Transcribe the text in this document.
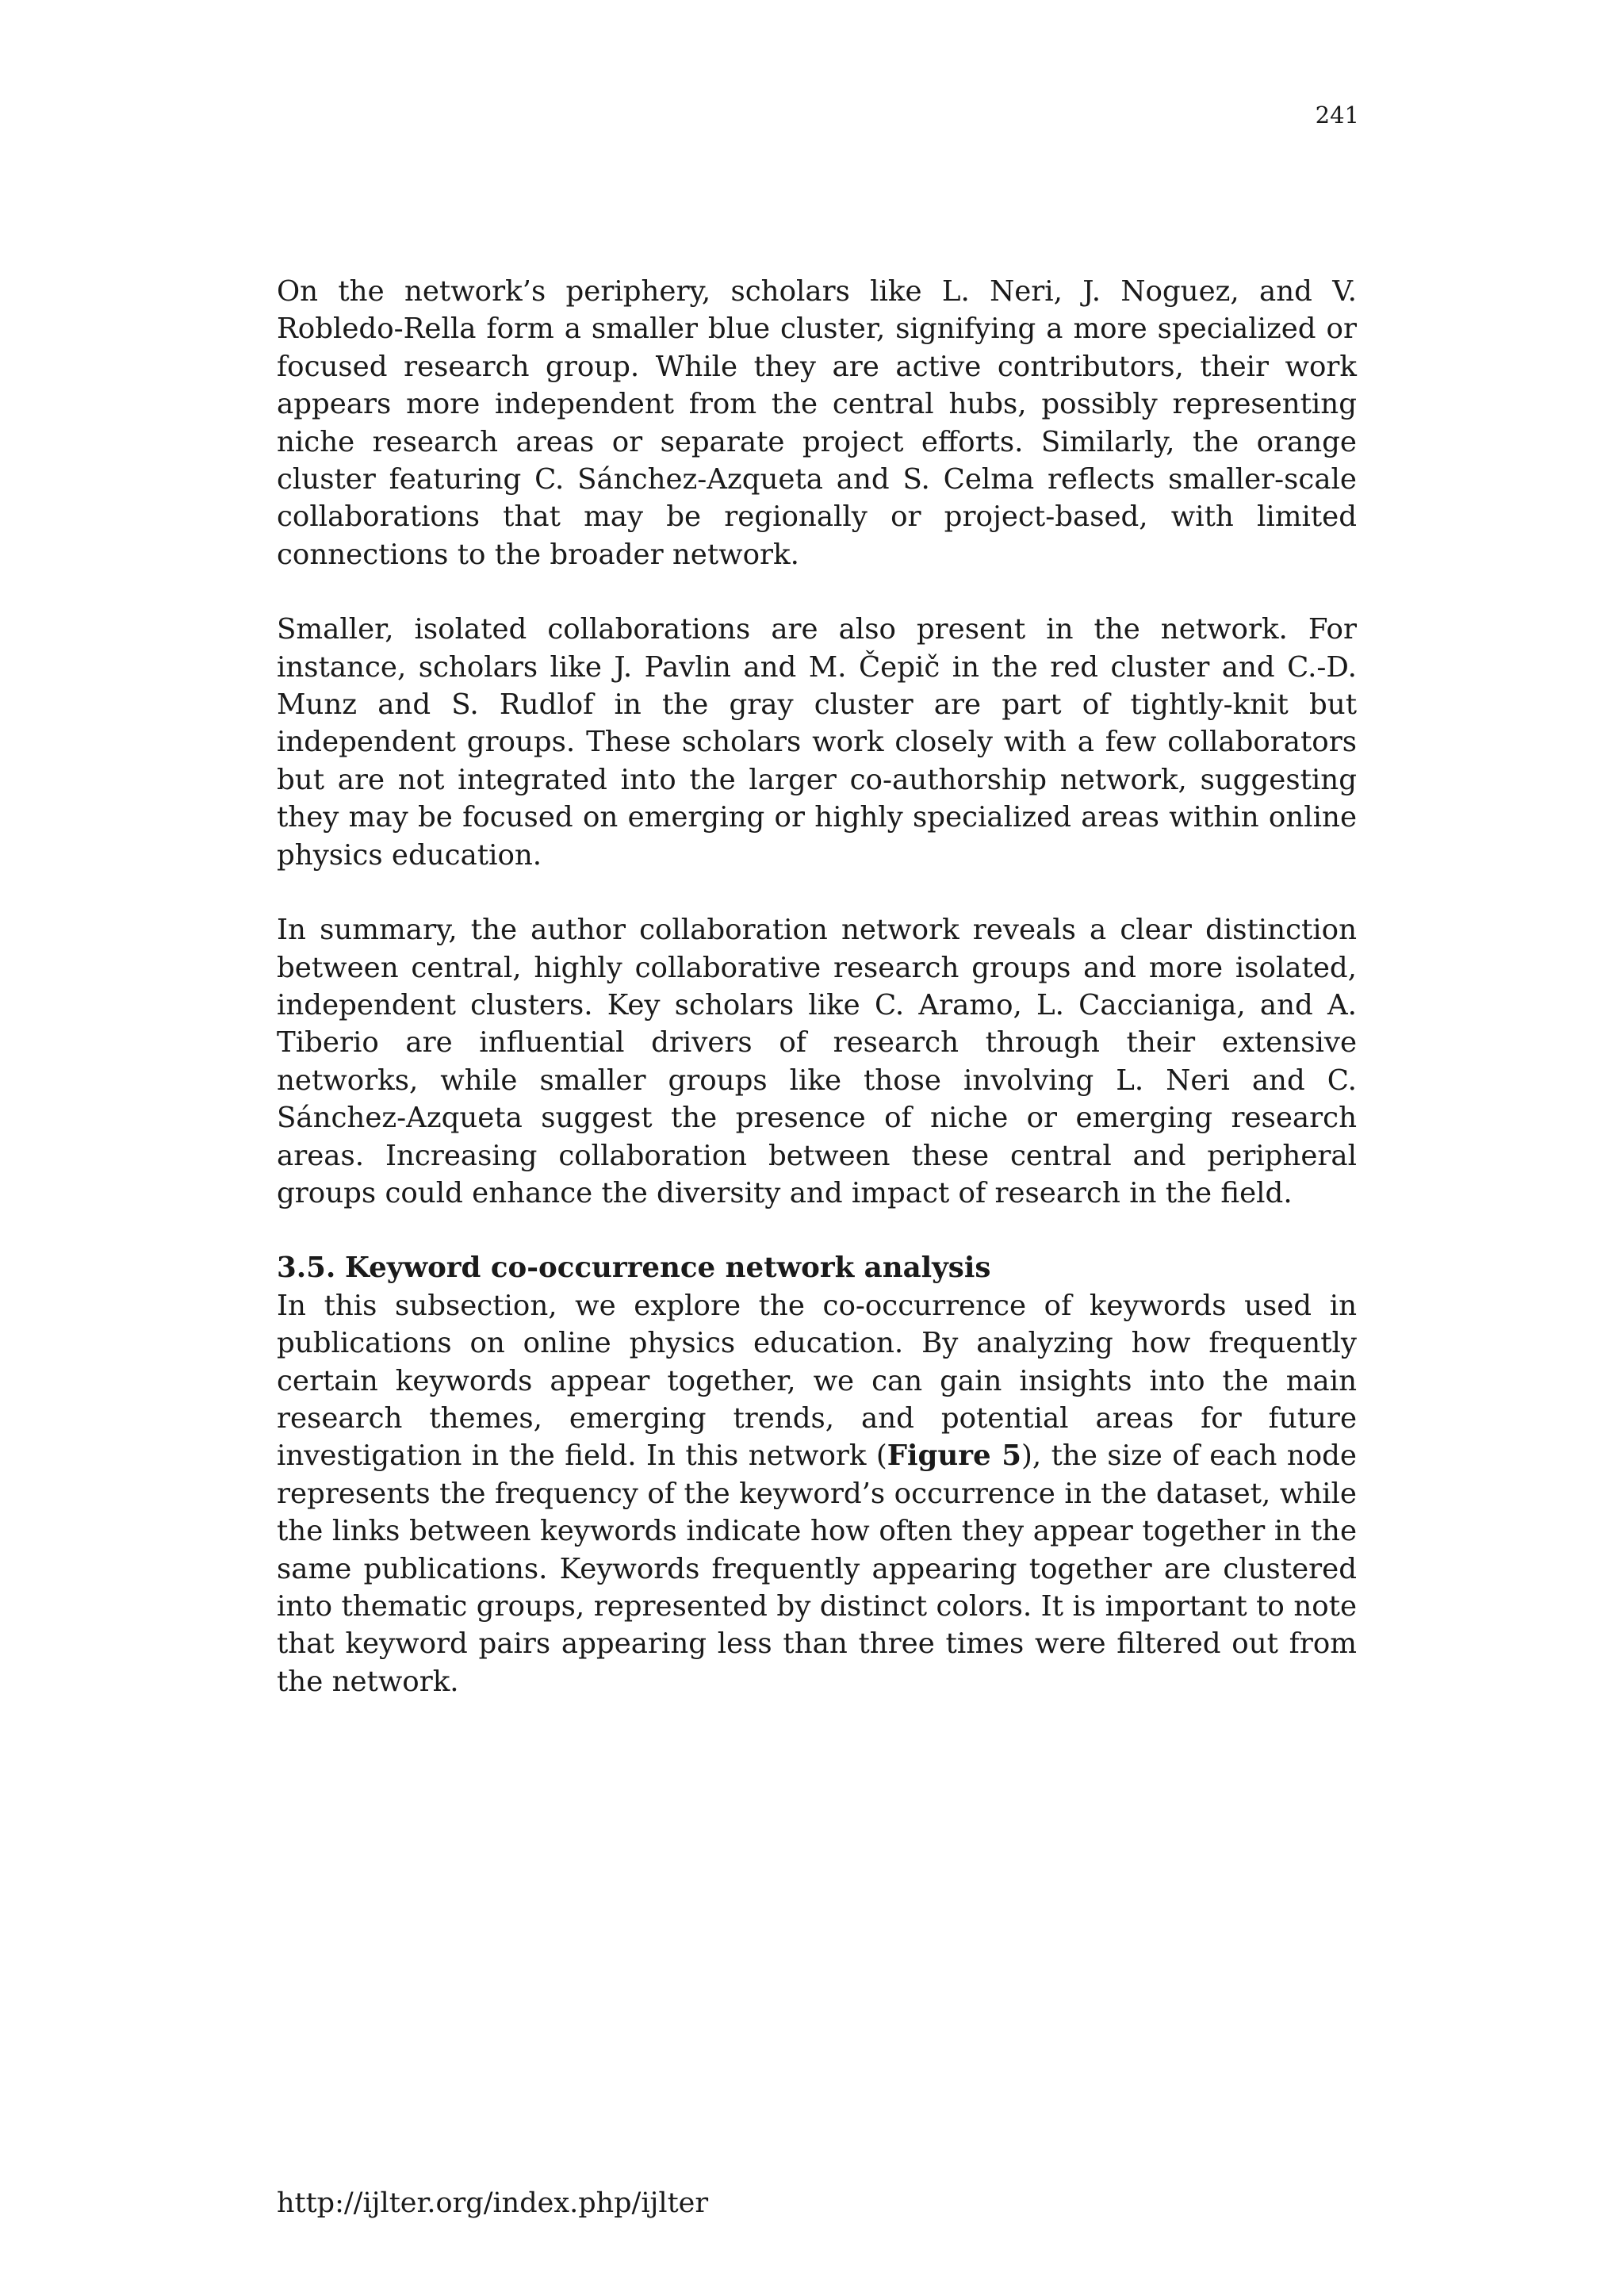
241

On the network’s periphery, scholars like L. Neri, J. Noguez, and V. Robledo-Rella form a smaller blue cluster, signifying a more specialized or focused research group. While they are active contributors, their work appears more independent from the central hubs, possibly representing niche research areas or separate project efforts. Similarly, the orange cluster featuring C. Sánchez-Azqueta and S. Celma reflects smaller-scale collaborations that may be regionally or project-based, with limited connections to the broader network.

Smaller, isolated collaborations are also present in the network. For instance, scholars like J. Pavlin and M. Čepič in the red cluster and C.-D. Munz and S. Rudlof in the gray cluster are part of tightly-knit but independent groups. These scholars work closely with a few collaborators but are not integrated into the larger co-authorship network, suggesting they may be focused on emerging or highly specialized areas within online physics education.

In summary, the author collaboration network reveals a clear distinction between central, highly collaborative research groups and more isolated, independent clusters. Key scholars like C. Aramo, L. Caccianiga, and A. Tiberio are influential drivers of research through their extensive networks, while smaller groups like those involving L. Neri and C. Sánchez-Azqueta suggest the presence of niche or emerging research areas. Increasing collaboration between these central and peripheral groups could enhance the diversity and impact of research in the field.

3.5. Keyword co-occurrence network analysis

In this subsection, we explore the co-occurrence of keywords used in publications on online physics education. By analyzing how frequently certain keywords appear together, we can gain insights into the main research themes, emerging trends, and potential areas for future investigation in the field. In this network (Figure 5), the size of each node represents the frequency of the keyword’s occurrence in the dataset, while the links between keywords indicate how often they appear together in the same publications. Keywords frequently appearing together are clustered into thematic groups, represented by distinct colors. It is important to note that keyword pairs appearing less than three times were filtered out from the network.

http://ijlter.org/index.php/ijlter
